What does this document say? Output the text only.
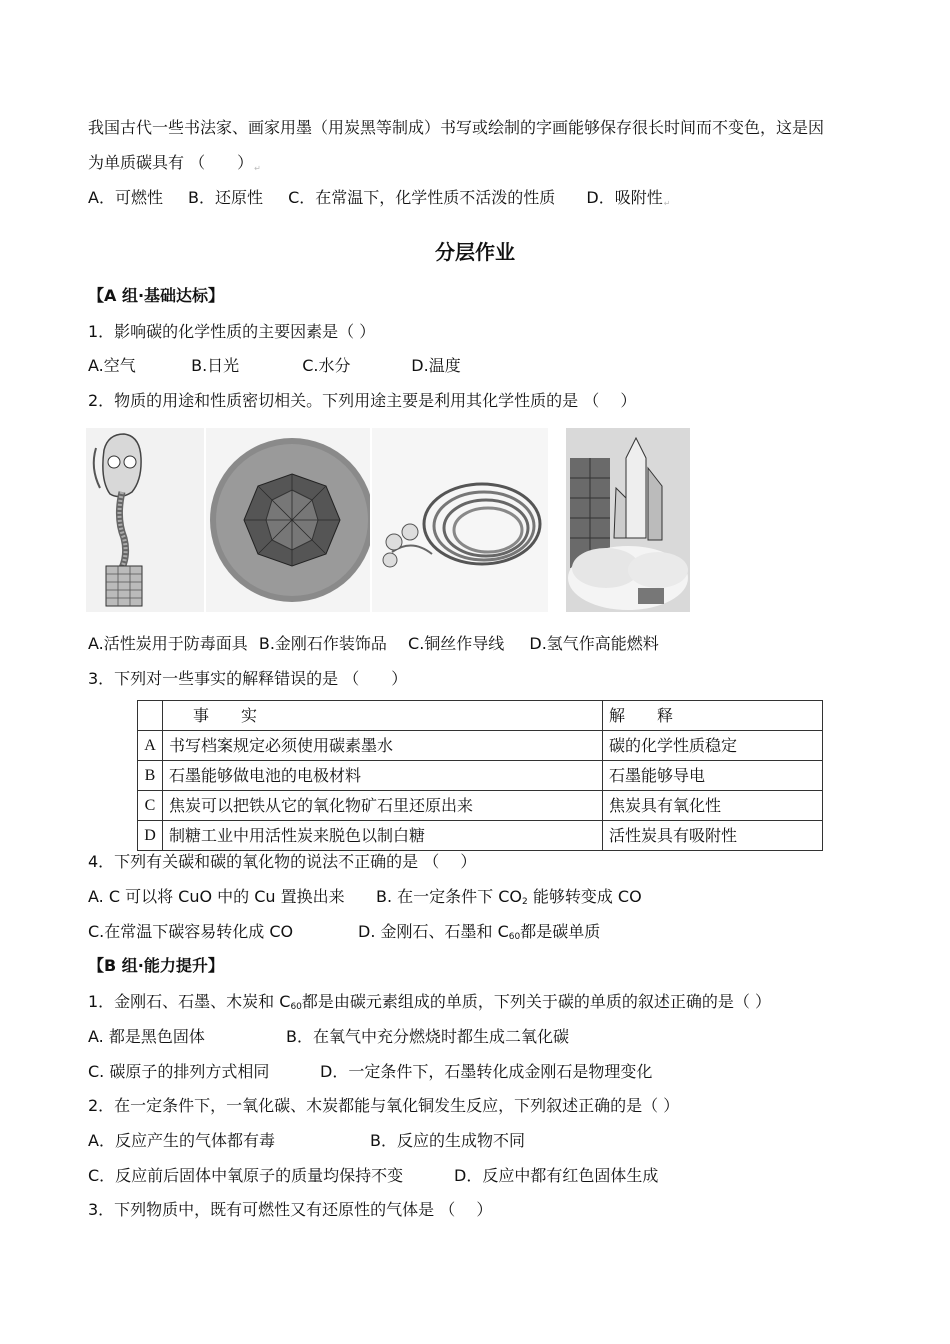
我国古代一些书法家、画家用墨（用炭黑等制成）书写或绘制的字画能够保存很长时间而不变色，这是因
为单质碳具有 （　　）↵
A．可燃性 B．还原性 C．在常温下，化学性质不活泼的性质 D．吸附性↵
分层作业
【A 组·基础达标】
1．影响碳的化学性质的主要因素是（ ）
A.空气	B.日光	C.水分	D.温度
2．物质的用途和性质密切相关。下列用途主要是利用其化学性质的是 （　 ）
A.活性炭用于防毒面具 B.金刚石作装饰品 C.铜丝作导线 D.氢气作高能燃料
3．下列对一些事实的解释错误的是 （　　）
	事　　实	解　　释
A	书写档案规定必须使用碳素墨水	碳的化学性质稳定
B	石墨能够做电池的电极材料	石墨能够导电
C	焦炭可以把铁从它的氧化物矿石里还原出来	焦炭具有氧化性
D	制糖工业中用活性炭来脱色以制白糖	活性炭具有吸附性
4．下列有关碳和碳的氧化物的说法不正确的是 （　 ）
A. C 可以将 CuO 中的 Cu 置换出来 B. 在一定条件下 $CO_2$ 能够转变成 CO
C.在常温下碳容易转化成 CO	D. 金刚石、石墨和 $C_{60}$都是碳单质
【B 组·能力提升】
1．金刚石、石墨、木炭和 $C_{60}$都是由碳元素组成的单质，下列关于碳的单质的叙述正确的是（ ）
A. 都是黑色固体	B．在氧气中充分燃烧时都生成二氧化碳
C. 碳原子的排列方式相同	D．一定条件下，石墨转化成金刚石是物理变化
2．在一定条件下，一氧化碳、木炭都能与氧化铜发生反应，下列叙述正确的是（ ）
A．反应产生的气体都有毒	B．反应的生成物不同
C．反应前后固体中氧原子的质量均保持不变	D．反应中都有红色固体生成
3．下列物质中，既有可燃性又有还原性的气体是 （　 ）
